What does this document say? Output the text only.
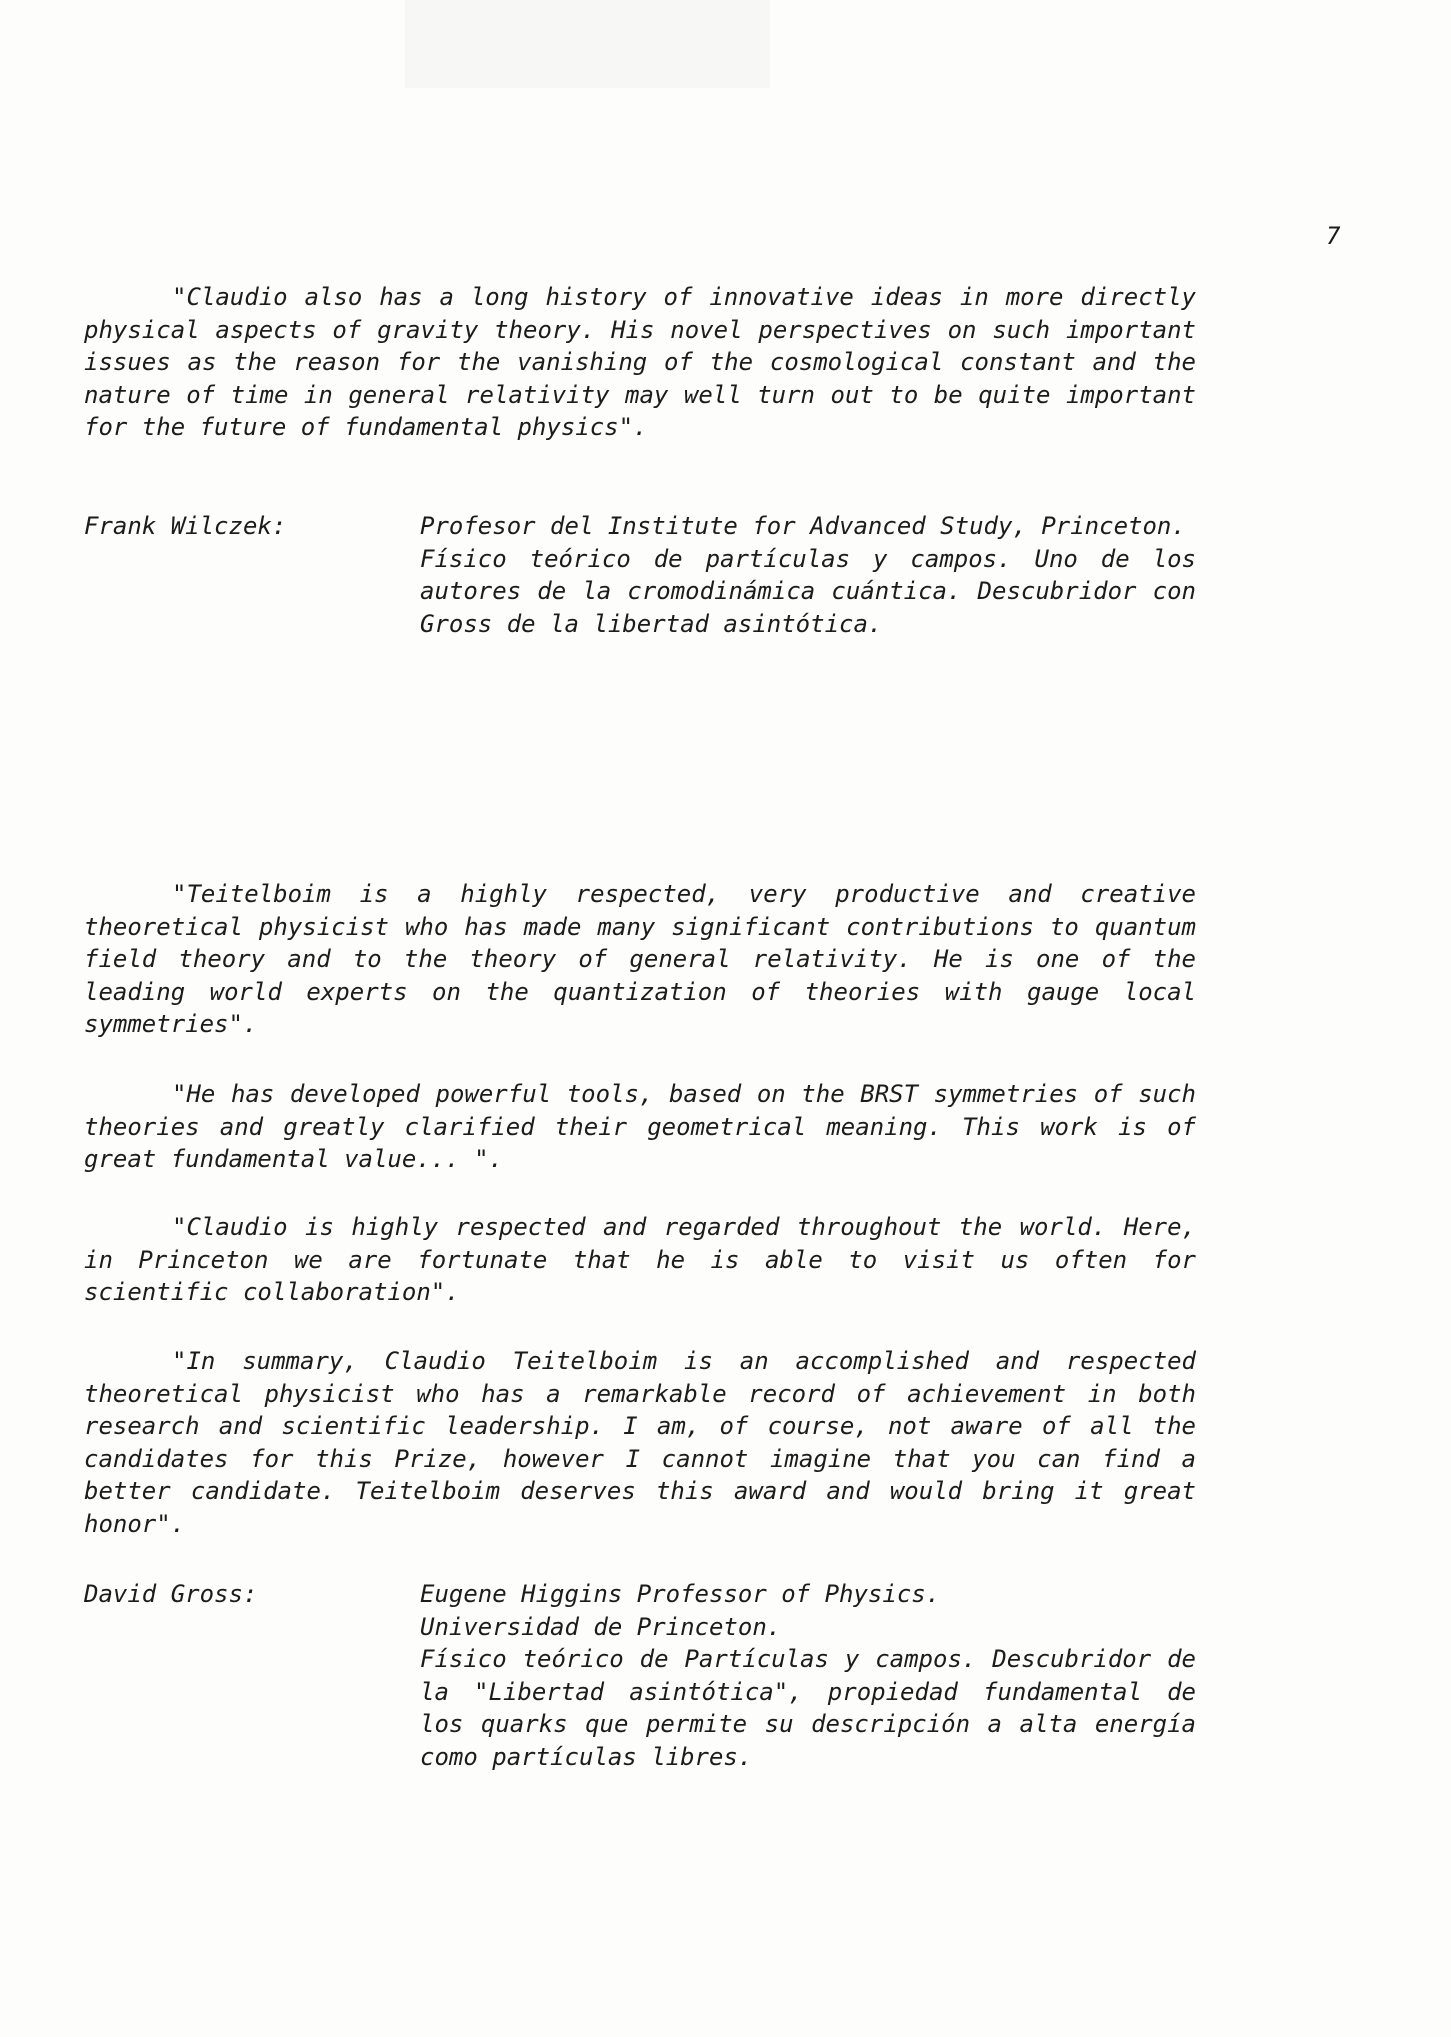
7

"Claudio also has a long history of innovative ideas in more directly physical aspects of gravity theory. His novel perspectives on such important issues as the reason for the vanishing of the cosmological constant and the nature of time in general relativity may well turn out to be quite important for the future of fundamental physics".

Frank Wilczek:	Profesor del Institute for Advanced Study, Princeton.
Físico teórico de partículas y campos. Uno de los autores de la cromodinámica cuántica. Descubridor con Gross de la libertad asintótica.

"Teitelboim is a highly respected, very productive and creative theoretical physicist who has made many significant contributions to quantum field theory and to the theory of general relativity. He is one of the leading world experts on the quantization of theories with gauge local symmetries".

"He has developed powerful tools, based on the BRST symmetries of such theories and greatly clarified their geometrical meaning. This work is of great fundamental value... ".

"Claudio is highly respected and regarded throughout the world. Here, in Princeton we are fortunate that he is able to visit us often for scientific collaboration".

"In summary, Claudio Teitelboim is an accomplished and respected theoretical physicist who has a remarkable record of achievement in both research and scientific leadership. I am, of course, not aware of all the candidates for this Prize, however I cannot imagine that you can find a better candidate. Teitelboim deserves this award and would bring it great honor".

David Gross:	Eugene Higgins Professor of Physics.
Universidad de Princeton.
Físico teórico de Partículas y campos. Descubridor de la "Libertad asintótica", propiedad fundamental de los quarks que permite su descripción a alta energía como partículas libres.
